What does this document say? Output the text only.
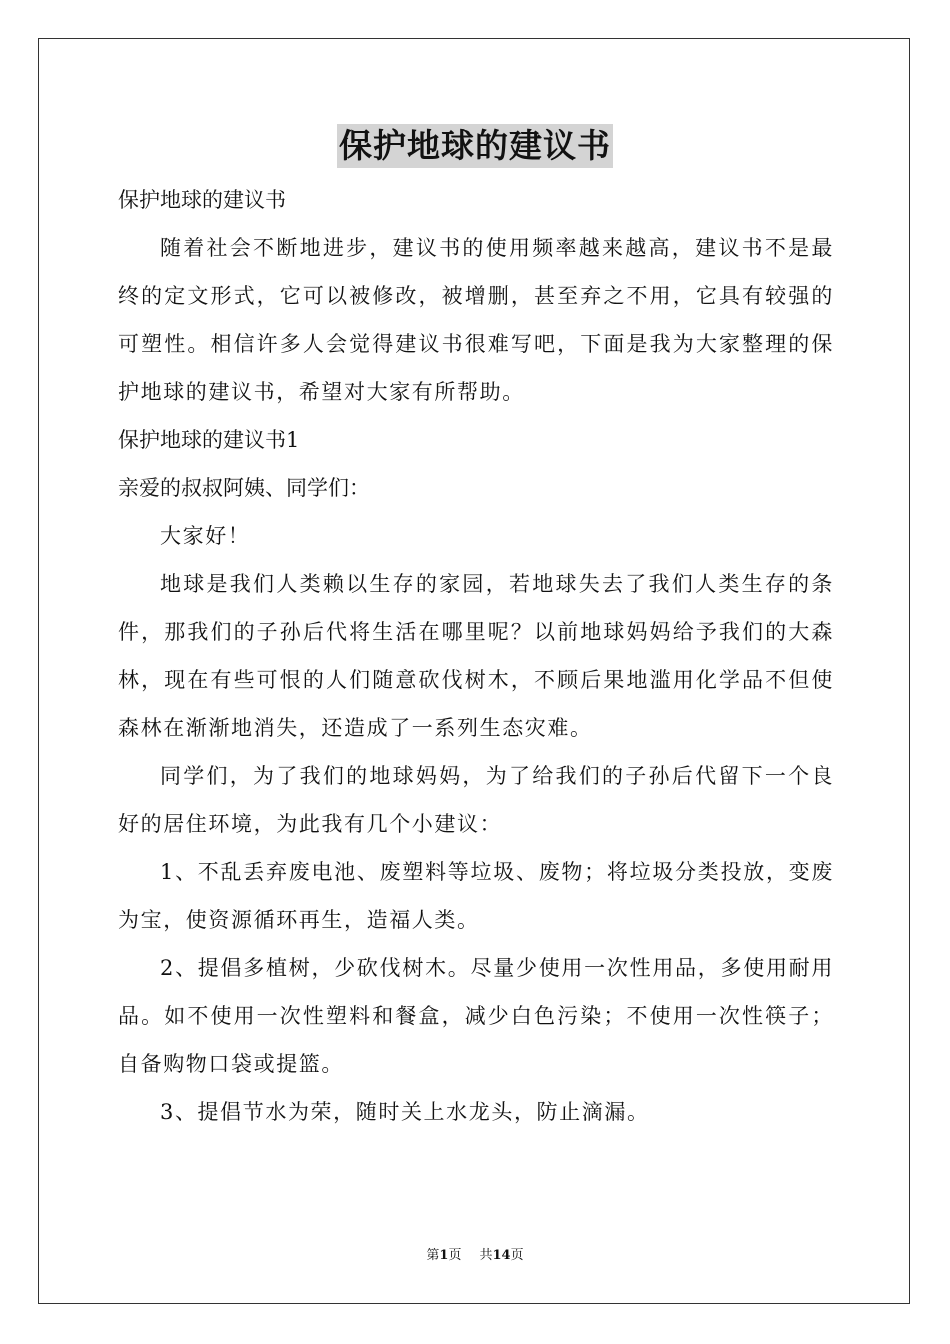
保护地球的建议书

保护地球的建议书

随着社会不断地进步，建议书的使用频率越来越高，建议书不是最终的定文形式，它可以被修改，被增删，甚至弃之不用，它具有较强的可塑性。相信许多人会觉得建议书很难写吧，下面是我为大家整理的保护地球的建议书，希望对大家有所帮助。

保护地球的建议书1

亲爱的叔叔阿姨、同学们：

大家好！

地球是我们人类赖以生存的家园，若地球失去了我们人类生存的条件，那我们的子孙后代将生活在哪里呢？以前地球妈妈给予我们的大森林，现在有些可恨的人们随意砍伐树木，不顾后果地滥用化学品不但使森林在渐渐地消失，还造成了一系列生态灾难。

同学们，为了我们的地球妈妈，为了给我们的子孙后代留下一个良好的居住环境，为此我有几个小建议：

1、不乱丢弃废电池、废塑料等垃圾、废物；将垃圾分类投放，变废为宝，使资源循环再生，造福人类。

2、提倡多植树，少砍伐树木。尽量少使用一次性用品，多使用耐用品。如不使用一次性塑料和餐盒，减少白色污染；不使用一次性筷子；自备购物口袋或提篮。

3、提倡节水为荣，随时关上水龙头，防止滴漏。

第1页 共14页
